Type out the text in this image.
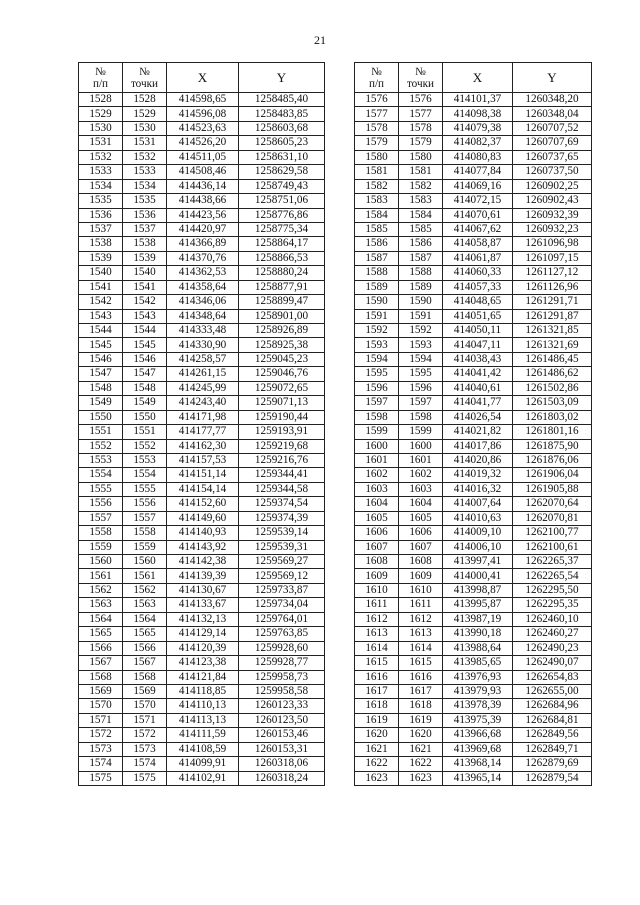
21
№
п/п	№
точки	X	Y
1528	1528	414598,65	1258485,40
1529	1529	414596,08	1258483,85
1530	1530	414523,63	1258603,68
1531	1531	414526,20	1258605,23
1532	1532	414511,05	1258631,10
1533	1533	414508,46	1258629,58
1534	1534	414436,14	1258749,43
1535	1535	414438,66	1258751,06
1536	1536	414423,56	1258776,86
1537	1537	414420,97	1258775,34
1538	1538	414366,89	1258864,17
1539	1539	414370,76	1258866,53
1540	1540	414362,53	1258880,24
1541	1541	414358,64	1258877,91
1542	1542	414346,06	1258899,47
1543	1543	414348,64	1258901,00
1544	1544	414333,48	1258926,89
1545	1545	414330,90	1258925,38
1546	1546	414258,57	1259045,23
1547	1547	414261,15	1259046,76
1548	1548	414245,99	1259072,65
1549	1549	414243,40	1259071,13
1550	1550	414171,98	1259190,44
1551	1551	414177,77	1259193,91
1552	1552	414162,30	1259219,68
1553	1553	414157,53	1259216,76
1554	1554	414151,14	1259344,41
1555	1555	414154,14	1259344,58
1556	1556	414152,60	1259374,54
1557	1557	414149,60	1259374,39
1558	1558	414140,93	1259539,14
1559	1559	414143,92	1259539,31
1560	1560	414142,38	1259569,27
1561	1561	414139,39	1259569,12
1562	1562	414130,67	1259733,87
1563	1563	414133,67	1259734,04
1564	1564	414132,13	1259764,01
1565	1565	414129,14	1259763,85
1566	1566	414120,39	1259928,60
1567	1567	414123,38	1259928,77
1568	1568	414121,84	1259958,73
1569	1569	414118,85	1259958,58
1570	1570	414110,13	1260123,33
1571	1571	414113,13	1260123,50
1572	1572	414111,59	1260153,46
1573	1573	414108,59	1260153,31
1574	1574	414099,91	1260318,06
1575	1575	414102,91	1260318,24
№
п/п	№
точки	X	Y
1576	1576	414101,37	1260348,20
1577	1577	414098,38	1260348,04
1578	1578	414079,38	1260707,52
1579	1579	414082,37	1260707,69
1580	1580	414080,83	1260737,65
1581	1581	414077,84	1260737,50
1582	1582	414069,16	1260902,25
1583	1583	414072,15	1260902,43
1584	1584	414070,61	1260932,39
1585	1585	414067,62	1260932,23
1586	1586	414058,87	1261096,98
1587	1587	414061,87	1261097,15
1588	1588	414060,33	1261127,12
1589	1589	414057,33	1261126,96
1590	1590	414048,65	1261291,71
1591	1591	414051,65	1261291,87
1592	1592	414050,11	1261321,85
1593	1593	414047,11	1261321,69
1594	1594	414038,43	1261486,45
1595	1595	414041,42	1261486,62
1596	1596	414040,61	1261502,86
1597	1597	414041,77	1261503,09
1598	1598	414026,54	1261803,02
1599	1599	414021,82	1261801,16
1600	1600	414017,86	1261875,90
1601	1601	414020,86	1261876,06
1602	1602	414019,32	1261906,04
1603	1603	414016,32	1261905,88
1604	1604	414007,64	1262070,64
1605	1605	414010,63	1262070,81
1606	1606	414009,10	1262100,77
1607	1607	414006,10	1262100,61
1608	1608	413997,41	1262265,37
1609	1609	414000,41	1262265,54
1610	1610	413998,87	1262295,50
1611	1611	413995,87	1262295,35
1612	1612	413987,19	1262460,10
1613	1613	413990,18	1262460,27
1614	1614	413988,64	1262490,23
1615	1615	413985,65	1262490,07
1616	1616	413976,93	1262654,83
1617	1617	413979,93	1262655,00
1618	1618	413978,39	1262684,96
1619	1619	413975,39	1262684,81
1620	1620	413966,68	1262849,56
1621	1621	413969,68	1262849,71
1622	1622	413968,14	1262879,69
1623	1623	413965,14	1262879,54
